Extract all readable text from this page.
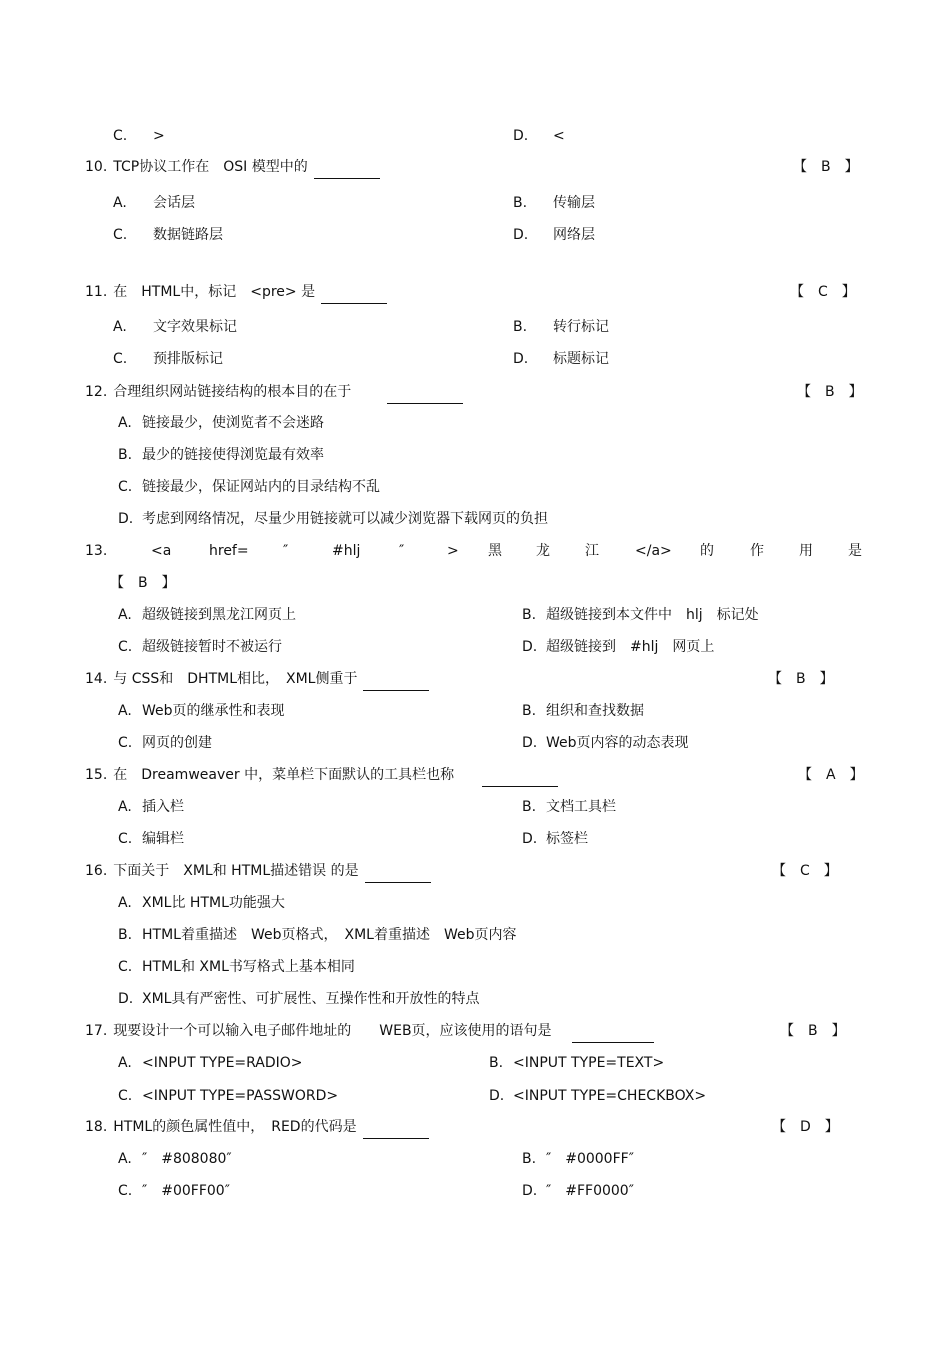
C. >	D. <
10. TCP协议工作在　OSI 模型中的	【　B　】
A. 会话层	B. 传输层
C. 数据链路层	D. 网络层
11. 在　HTML中，标记　<pre> 是	【　C　】
A. 文字效果标记	B. 转行标记
C. 预排版标记	D. 标题标记
12. 合理组织网站链接结构的根本目的在于	【　B　】
A. 链接最少，使浏览者不会迷路
B. 最少的链接使得浏览最有效率
C. 链接最少，保证网站内的目录结构不乱
D. 考虑到网络情况，尽量少用链接就可以减少浏览器下载网页的负担
13.	<a	href= ″	#hlj	″	> 黑 龙	江	</a> 的	作	用	是
【　B　】
A. 超级链接到黑龙江网页上	B. 超级链接到本文件中　hlj　标记处
C. 超级链接暂时不被运行	D. 超级链接到　#hlj　网页上
14. 与 CSS和　DHTML相比，　XML侧重于	【　B　】
A. Web页的继承性和表现	B. 组织和查找数据
C. 网页的创建	D. Web页内容的动态表现
15. 在　Dreamweaver 中，菜单栏下面默认的工具栏也称	【　A　】
A. 插入栏	B. 文档工具栏
C. 编辑栏	D. 标签栏
16. 下面关于　XML和 HTML描述错误 的是	【　C　】
A. XML比 HTML功能强大
B. HTML着重描述　Web页格式，　XML着重描述　Web页内容
C. HTML和 XML书写格式上基本相同
D. XML具有严密性、可扩展性、互操作性和开放性的特点
17. 现要设计一个可以输入电子邮件地址的　　WEB页，应该使用的语句是	【　B　】
A. <INPUT TYPE=RADIO>	B. <INPUT TYPE=TEXT>
C. <INPUT TYPE=PASSWORD>	D. <INPUT TYPE=CHECKBOX>
18. HTML的颜色属性值中，　RED的代码是	【　D　】
A. ″　#808080″	B. ″　#0000FF″
C. ″　#00FF00″	D. ″　#FF0000″
